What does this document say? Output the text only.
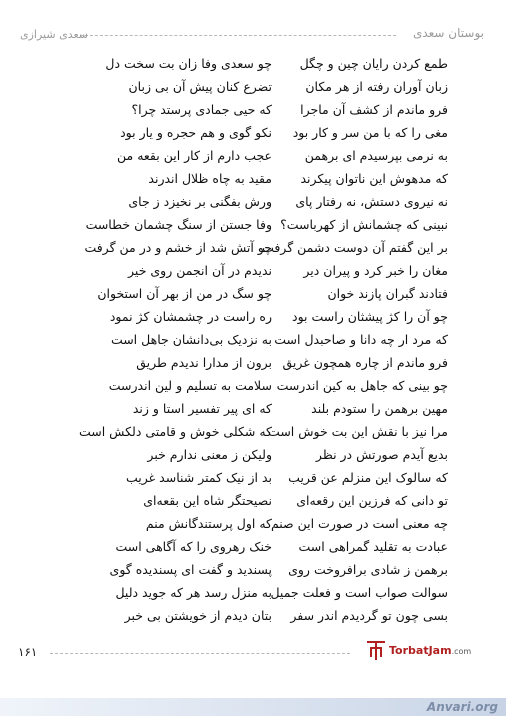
بوستان سعدی
سعدی شیرازی
طمع کردن رایان چین و چگل
چو سعدی وفا زان بت سخت دل
زبان آوران رفته از هر مکان
تضرع کنان پیش آن بی زبان
فرو ماندم از کشف آن ماجرا
که حیی جمادی پرستد چرا؟
مغی را که با من سر و کار بود
نکو گوی و هم حجره و یار بود
به نرمی بپرسیدم ای برهمن
عجب دارم از کار این بقعه من
که مدهوش این ناتوان پیکرند
مقید به چاه ظلال اندرند
نه نیروی دستش، نه رفتار پای
ورش بفگنی بر نخیزد ز جای
نبینی که چشمانش از کهرباست؟
وفا جستن از سنگ چشمان خطاست
بر این گفتم آن دوست دشمن گرفت
چو آتش شد از خشم و در من گرفت
مغان را خبر کرد و پیران دیر
ندیدم در آن انجمن روی خیر
فتادند گبران پازند خوان
چو سگ در من از بهر آن استخوان
چو آن را کژ پیشثان راست بود
ره راست در چشمشان کژ نمود
که مرد ار چه دانا و صاحبدل است
به نزدیک بی‌دانشان جاهل است
فرو ماندم از چاره همچون غریق
برون از مدارا ندیدم طریق
چو بینی که جاهل به کین اندرست
سلامت به تسلیم و لین اندرست
مهین برهمن را ستودم بلند
که ای پیر تفسیر استا و زند
مرا نیز با نقش این بت خوش است
که شکلی خوش و قامتی دلکش است
بدیع آیدم صورتش در نظر
ولیکن ز معنی ندارم خبر
که سالوک این منزلم عن قریب
بد از نیک کمتر شناسد غریب
تو دانی که فرزین این رقعه‌ای
نصیحتگر شاه این بقعه‌ای
چه معنی است در صورت این صنم
که اول پرستندگانش منم
عبادت به تقلید گمراهی است
خنک رهروی را که آگاهی است
برهمن ز شادی برافروخت روی
پسندید و گفت ای پسندیده گوی
سوالت صواب است و فعلت جمیل
به منزل رسد هر که جوید دلیل
بسی چون تو گردیدم اندر سفر
بتان دیدم از خویشتن بی خبر
۱۶۱	TorbatJam.com
Anvari.org
